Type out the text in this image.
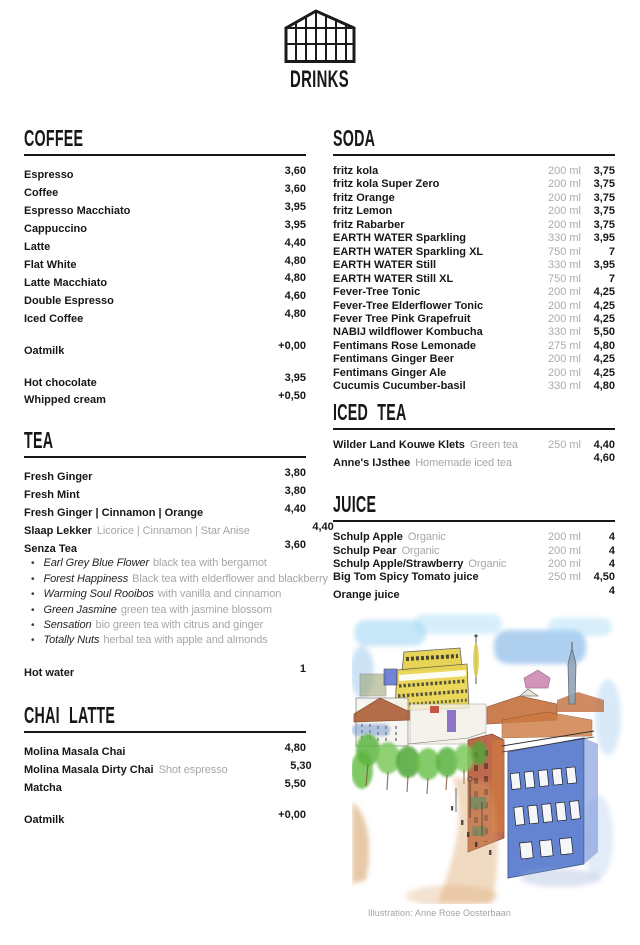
DRINKS
COFFEE
Espresso	3,60
Coffee	3,60
Espresso Macchiato	3,95
Cappuccino	3,95
Latte	4,40
Flat White	4,80
Latte Macchiato	4,80
Double Espresso	4,60
Iced Coffee	4,80
Oatmilk	+0,00
Hot chocolate	3,95
Whipped cream	+0,50
TEA
Fresh Ginger	3,80
Fresh Mint	3,80
Fresh Ginger | Cinnamon | Orange	4,40
Slaap Lekker Licorice | Cinnamon | Star Anise	4,40
Senza Tea	3,60
• Earl Grey Blue Flower black tea with bergamot
• Forest Happiness Black tea with elderflower and blackberry
• Warming Soul Rooibos with vanilla and cinnamon
• Green Jasmine green tea with jasmine blossom
• Sensation bio green tea with citrus and ginger
• Totally Nuts herbal tea with apple and almonds
Hot water	1
CHAI LATTE
Molina Masala Chai	4,80
Molina Masala Dirty Chai Shot espresso	5,30
Matcha	5,50
Oatmilk	+0,00
SODA
fritz kola	200 ml	3,75
fritz kola Super Zero	200 ml	3,75
fritz Orange	200 ml	3,75
fritz Lemon	200 ml	3,75
fritz Rabarber	200 ml	3,75
EARTH WATER Sparkling	330 ml	3,95
EARTH WATER Sparkling XL	750 ml	7
EARTH WATER Still	330 ml	3,95
EARTH WATER Still XL	750 ml	7
Fever-Tree Tonic	200 ml	4,25
Fever-Tree Elderflower Tonic	200 ml	4,25
Fever Tree Pink Grapefruit	200 ml	4,25
NABIJ wildflower Kombucha	330 ml	5,50
Fentimans Rose Lemonade	275 ml	4,80
Fentimans Ginger Beer	200 ml	4,25
Fentimans Ginger Ale	200 ml	4,25
Cucumis Cucumber-basil	330 ml	4,80
ICED TEA
Wilder Land Kouwe Klets Green tea	250 ml	4,40
Anne's IJsthee Homemade iced tea	4,60
JUICE
Schulp Apple Organic	200 ml	4
Schulp Pear Organic	200 ml	4
Schulp Apple/Strawberry Organic	200 ml	4
Big Tom Spicy Tomato juice	250 ml	4,50
Orange juice	4
Illustration: Anne Rose Oosterbaan
